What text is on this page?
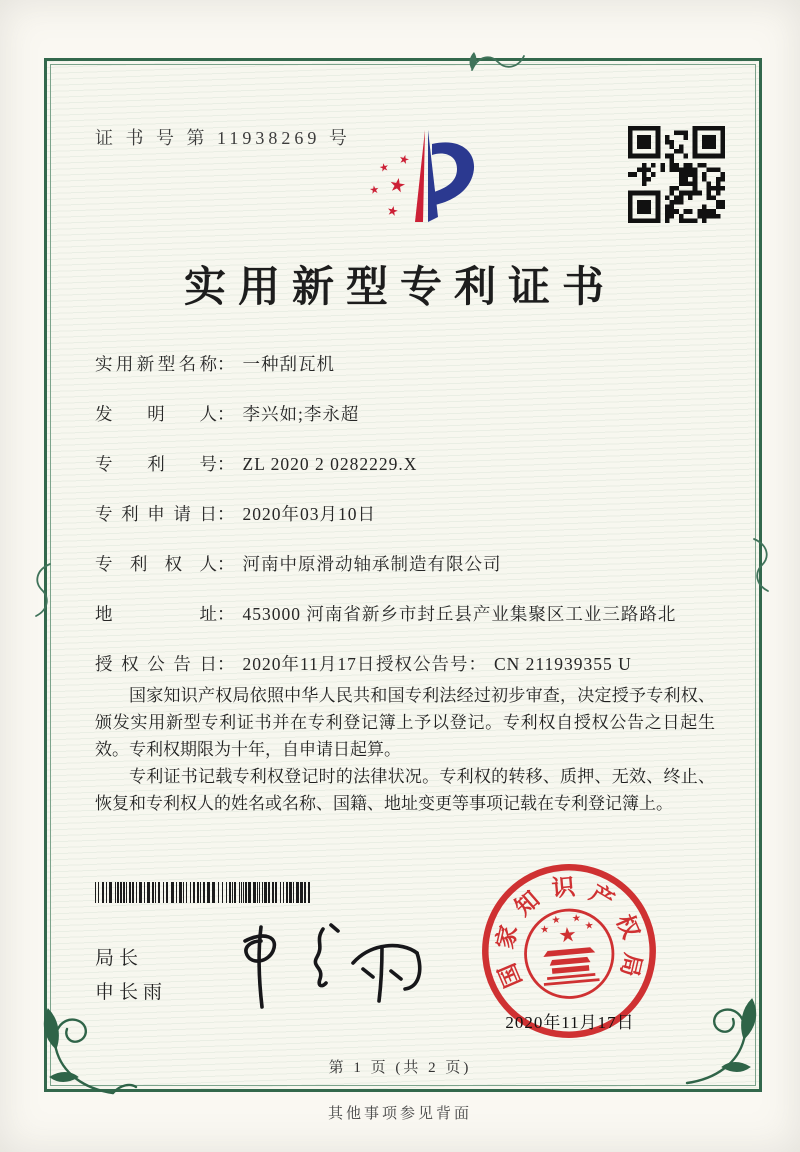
证 书 号 第 11938269 号
★
★
★
★
★
实用新型专利证书
实用新型名称 ： 一种刮瓦机
发明人 ： 李兴如;李永超
专利号 ： ZL 2020 2 0282229.X
专利申请日 ： 2020年03月10日
专利权人 ： 河南中原滑动轴承制造有限公司
地址 ： 453000 河南省新乡市封丘县产业集聚区工业三路路北
授权公告日 ： 2020年11月17日 授权公告号 ： CN 211939355 U

国家知识产权局依照中华人民共和国专利法经过初步审查，决定授予专利权、颁发实用新型专利证书并在专利登记簿上予以登记。专利权自授权公告之日起生效。专利权期限为十年，自申请日起算。

专利证书记载专利权登记时的法律状况。专利权的转移、质押、无效、终止、恢复和专利权人的姓名或名称、国籍、地址变更等事项记载在专利登记簿上。

局长
申长雨
国
家
知 识 产
权
局
★
★
★ ★
★
2020年11月17日
第 1 页 (共 2 页)
其他事项参见背面
